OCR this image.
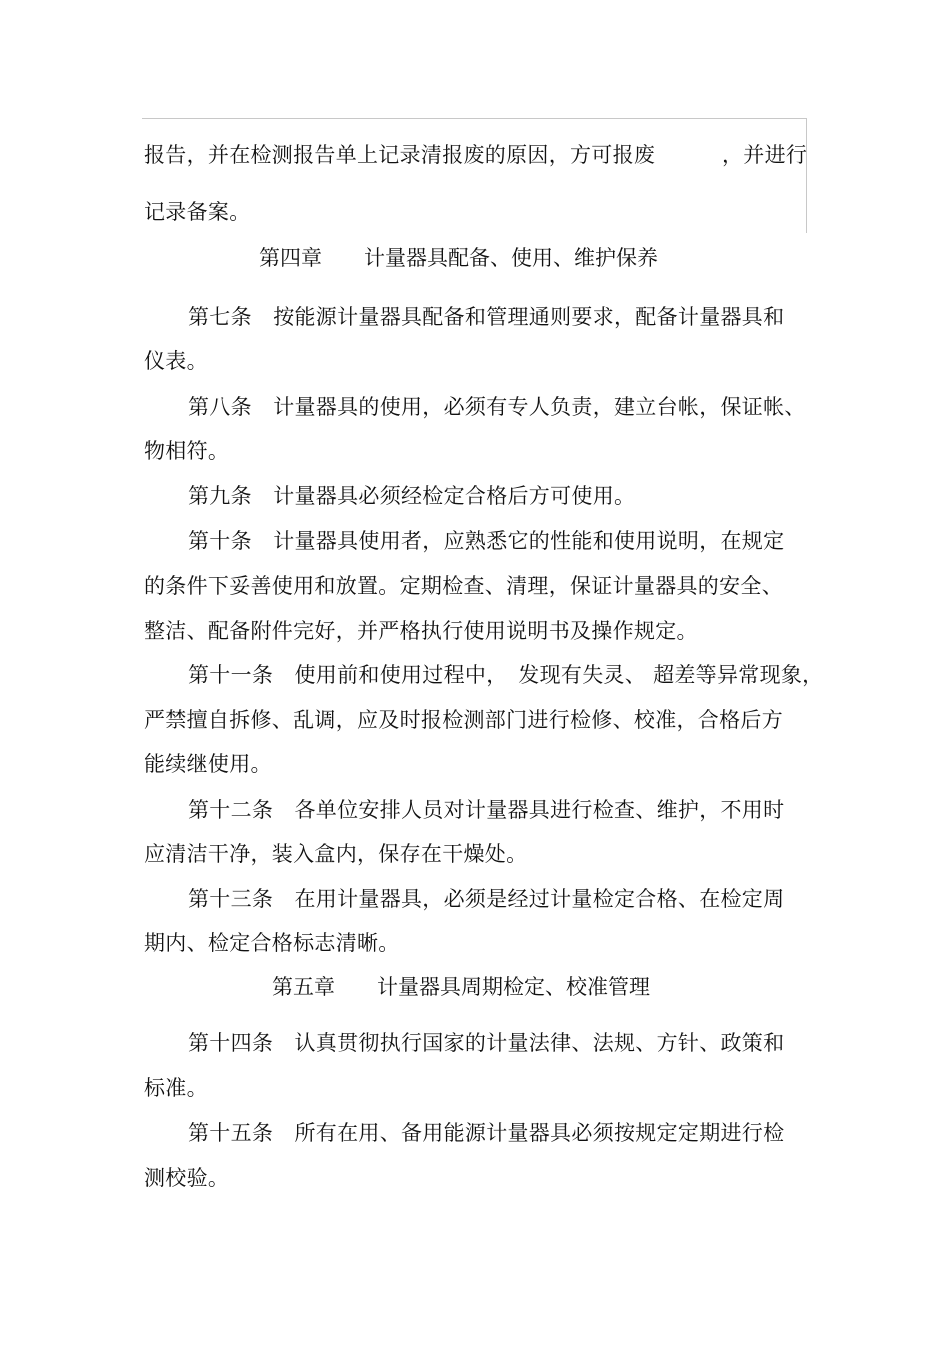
报告，并在检测报告单上记录清报废的原因，方可报废	，并进行
记录备案。
第四章　　计量器具配备、使用、维护保养
第七条　按能源计量器具配备和管理通则要求，配备计量器具和
仪表。
第八条　计量器具的使用，必须有专人负责，建立台帐，保证帐、
物相符。
第九条　计量器具必须经检定合格后方可使用。
第十条　计量器具使用者，应熟悉它的性能和使用说明，在规定
的条件下妥善使用和放置。定期检查、清理，保证计量器具的安全、
整洁、配备附件完好，并严格执行使用说明书及操作规定。
第十一条　使用前和使用过程中，　发现有失灵、 超差等异常现象，
严禁擅自拆修、乱调，应及时报检测部门进行检修、校准，合格后方
能续继使用。
第十二条　各单位安排人员对计量器具进行检查、维护，不用时
应清洁干净，装入盒内，保存在干燥处。
第十三条　在用计量器具，必须是经过计量检定合格、在检定周
期内、检定合格标志清晰。
第五章　　计量器具周期检定、校准管理
第十四条　认真贯彻执行国家的计量法律、法规、方针、政策和
标准。
第十五条　所有在用、备用能源计量器具必须按规定定期进行检
测校验。
